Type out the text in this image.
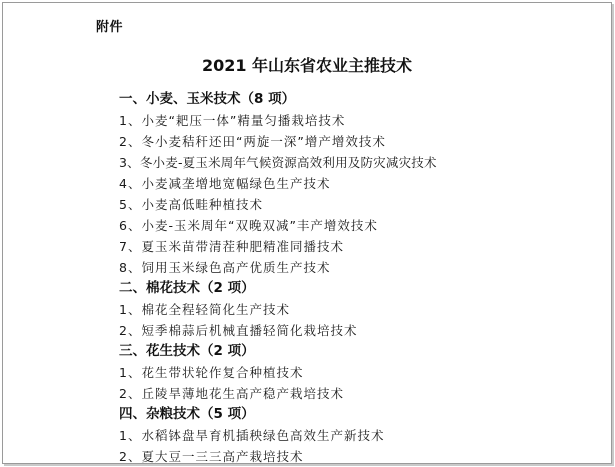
附件
2021 年山东省农业主推技术
一、小麦、玉米技术（8 项）
1、小麦“耙压一体”精量匀播栽培技术
2、冬小麦秸秆还田“两旋一深”增产增效技术
3、冬小麦-夏玉米周年气候资源高效利用及防灾减灾技术
4、小麦减垄增地宽幅绿色生产技术
5、小麦高低畦种植技术
6、小麦-玉米周年“双晚双减”丰产增效技术
7、夏玉米苗带清茬种肥精准同播技术
8、饲用玉米绿色高产优质生产技术
二、棉花技术（2 项）
1、棉花全程轻简化生产技术
2、短季棉蒜后机械直播轻简化栽培技术
三、花生技术（2 项）
1、花生带状轮作复合种植技术
2、丘陵旱薄地花生高产稳产栽培技术
四、杂粮技术（5 项）
1、水稻钵盘旱育机插秧绿色高效生产新技术
2、夏大豆一三三高产栽培技术
